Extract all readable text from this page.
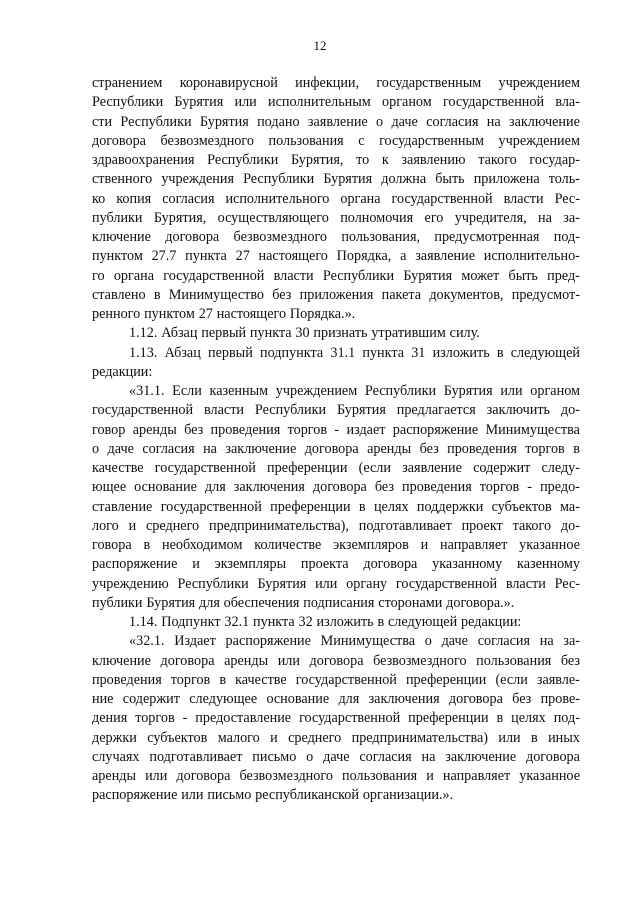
12
странением коронавирусной инфекции, государственным учреждением
Республики Бурятия или исполнительным органом государственной вла-
сти Республики Бурятия подано заявление о даче согласия на заключение
договора безвозмездного пользования с государственным учреждением
здравоохранения Республики Бурятия, то к заявлению такого государ-
ственного учреждения Республики Бурятия должна быть приложена толь-
ко копия согласия исполнительного органа государственной власти Рес-
публики Бурятия, осуществляющего полномочия его учредителя, на за-
ключение договора безвозмездного пользования, предусмотренная под-
пунктом 27.7 пункта 27 настоящего Порядка, а заявление исполнительно-
го органа государственной власти Республики Бурятия может быть пред-
ставлено в Минимущество без приложения пакета документов, предусмот-
ренного пунктом 27 настоящего Порядка.».
1.12. Абзац первый пункта 30 признать утратившим силу.
1.13. Абзац первый подпункта 31.1 пункта 31 изложить в следующей
редакции:
«31.1. Если казенным учреждением Республики Бурятия или органом
государственной власти Республики Бурятия предлагается заключить до-
говор аренды без проведения торгов - издает распоряжение Минимущества
о даче согласия на заключение договора аренды без проведения торгов в
качестве государственной преференции (если заявление содержит следу-
ющее основание для заключения договора без проведения торгов - предо-
ставление государственной преференции в целях поддержки субъектов ма-
лого и среднего предпринимательства), подготавливает проект такого до-
говора в необходимом количестве экземпляров и направляет указанное
распоряжение и экземпляры проекта договора указанному казенному
учреждению Республики Бурятия или органу государственной власти Рес-
публики Бурятия для обеспечения подписания сторонами договора.».
1.14. Подпункт 32.1 пункта 32 изложить в следующей редакции:
«32.1. Издает распоряжение Минимущества о даче согласия на за-
ключение договора аренды или договора безвозмездного пользования без
проведения торгов в качестве государственной преференции (если заявле-
ние содержит следующее основание для заключения договора без прове-
дения торгов - предоставление государственной преференции в целях под-
держки субъектов малого и среднего предпринимательства) или в иных
случаях подготавливает письмо о даче согласия на заключение договора
аренды или договора безвозмездного пользования и направляет указанное
распоряжение или письмо республиканской организации.».
